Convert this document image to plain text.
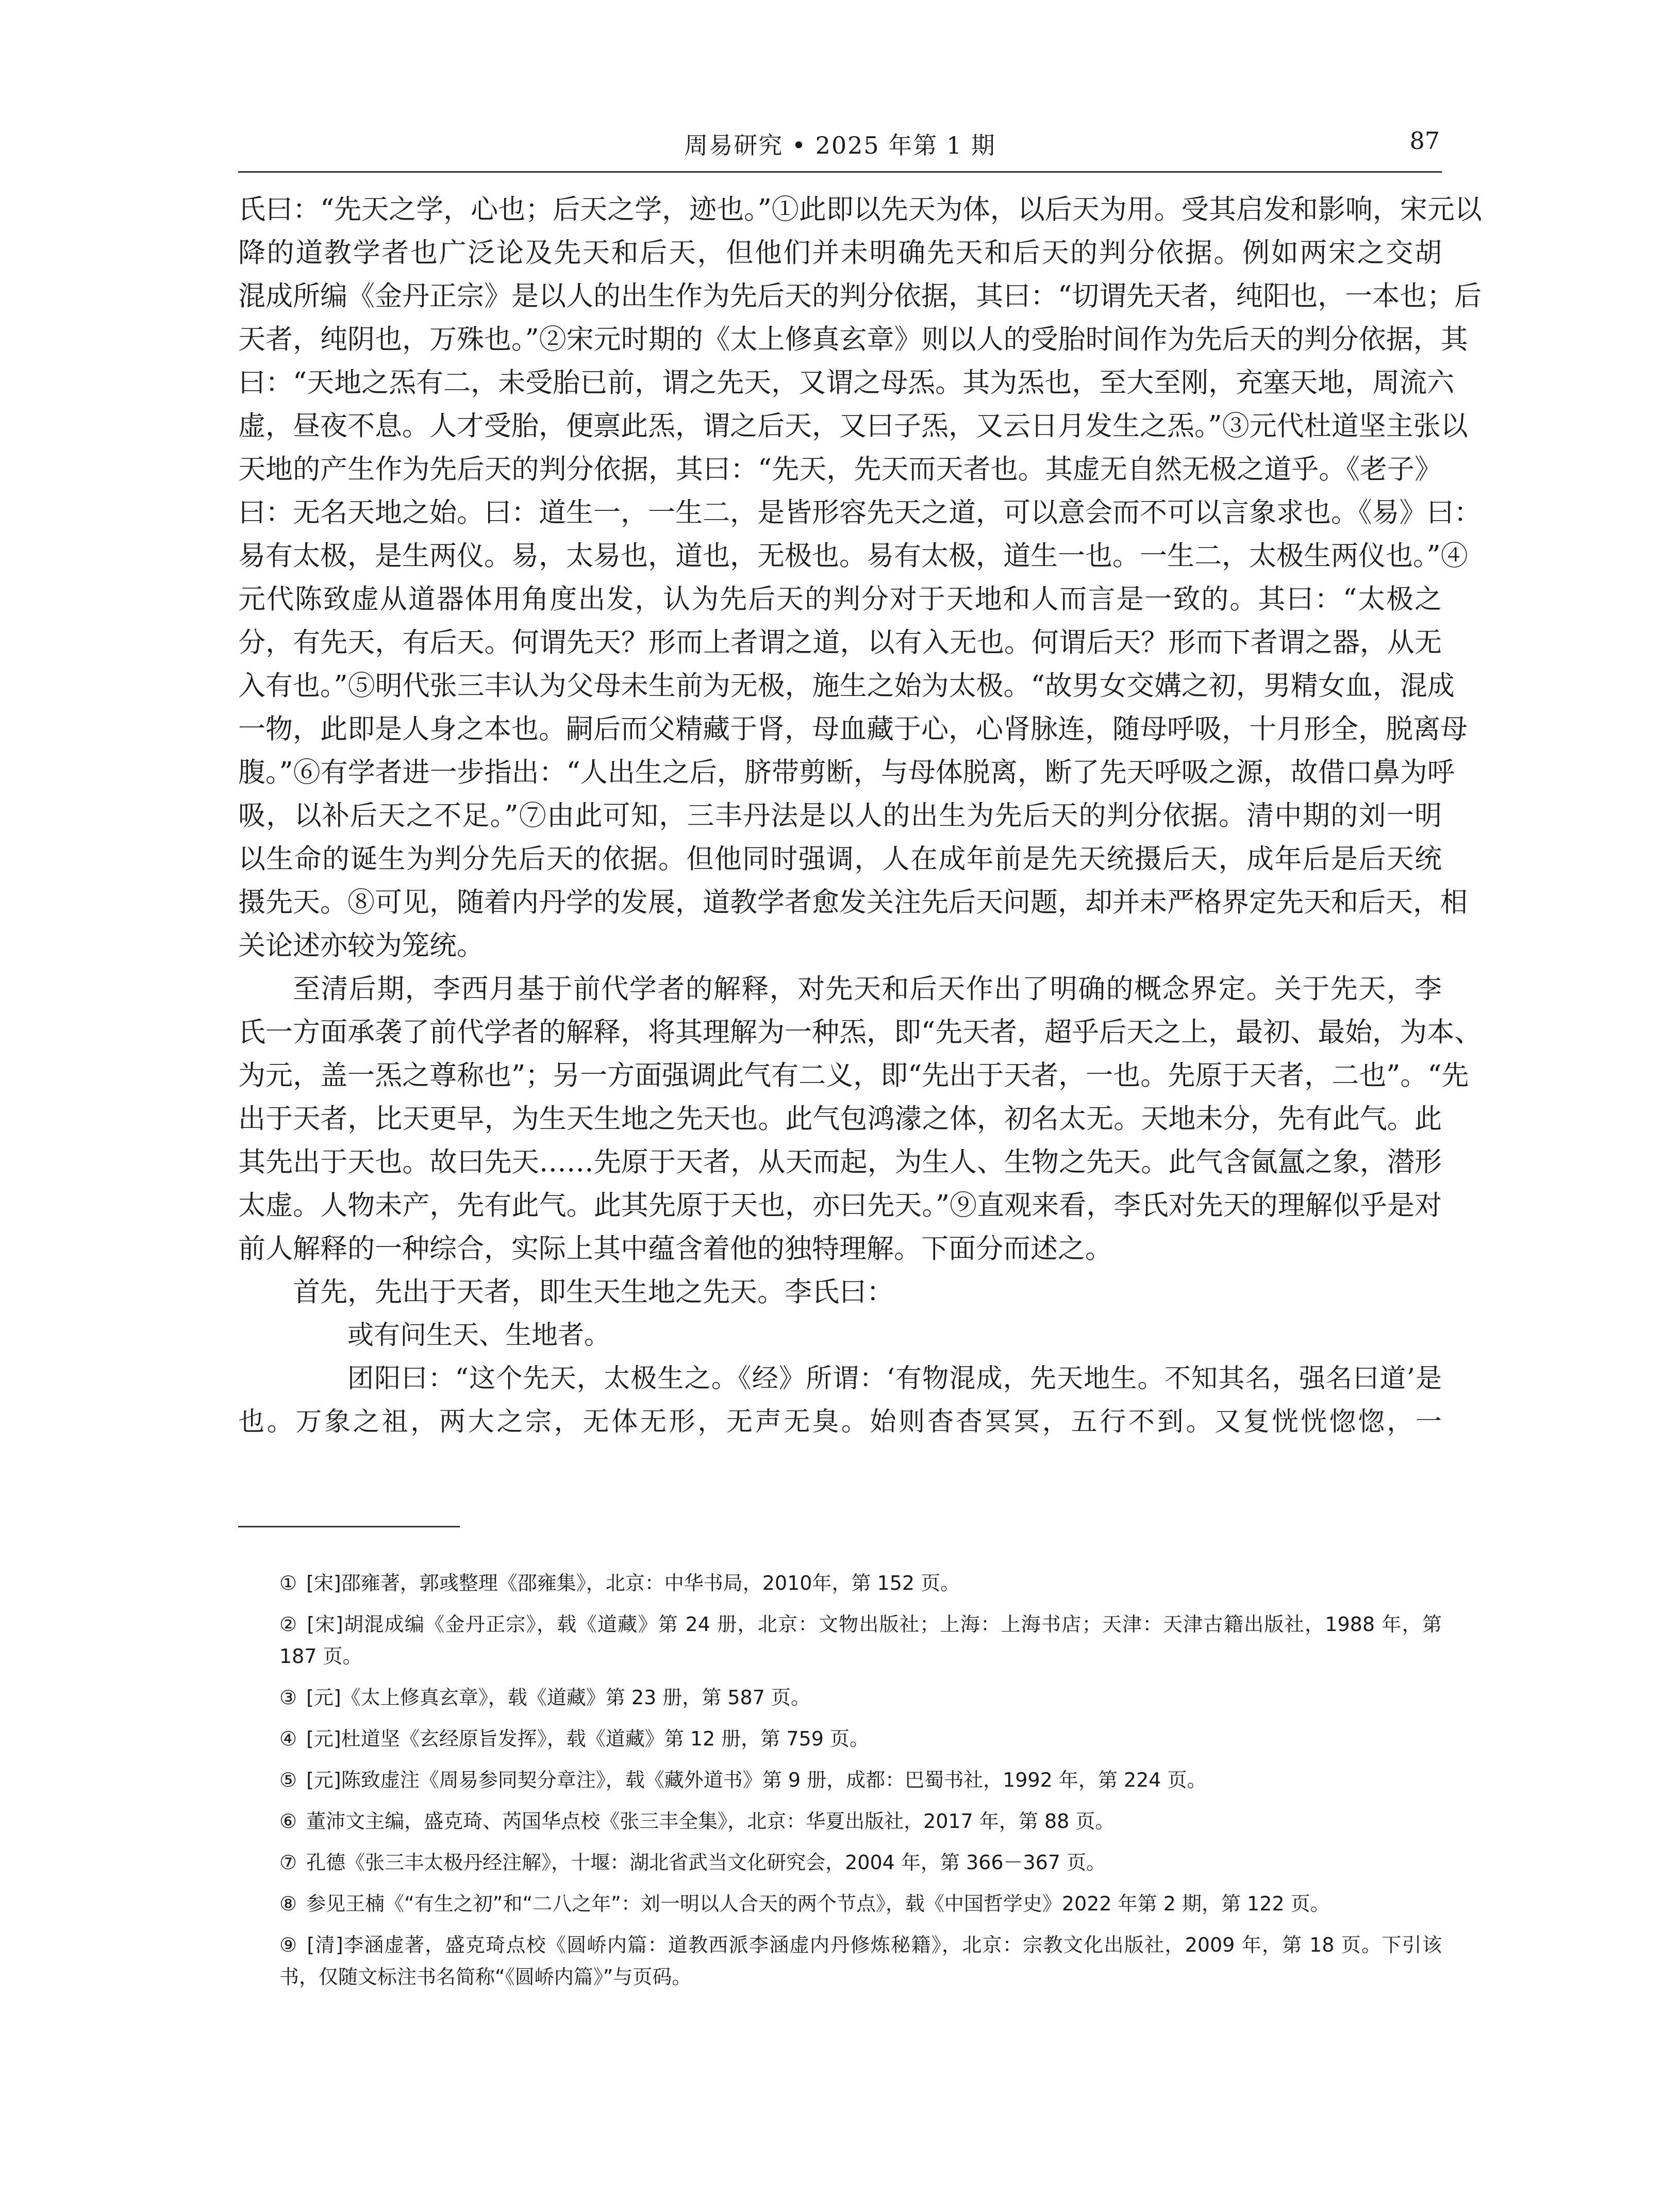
周易研究 • 2025 年第 1 期	87
氏曰：“先天之学，心也；后天之学，迹也。”①此即以先天为体，以后天为用。受其启发和影响，宋元以
降的道教学者也广泛论及先天和后天，但他们并未明确先天和后天的判分依据。例如两宋之交胡
混成所编《金丹正宗》是以人的出生作为先后天的判分依据，其曰：“切谓先天者，纯阳也，一本也；后
天者，纯阴也，万殊也。”②宋元时期的《太上修真玄章》则以人的受胎时间作为先后天的判分依据，其
曰：“天地之炁有二，未受胎已前，谓之先天，又谓之母炁。其为炁也，至大至刚，充塞天地，周流六
虚，昼夜不息。人才受胎，便禀此炁，谓之后天，又曰子炁，又云日月发生之炁。”③元代杜道坚主张以
天地的产生作为先后天的判分依据，其曰：“先天，先天而天者也。其虚无自然无极之道乎。《老子》
曰：无名天地之始。曰：道生一，一生二，是皆形容先天之道，可以意会而不可以言象求也。《易》曰：
易有太极，是生两仪。易，太易也，道也，无极也。易有太极，道生一也。一生二，太极生两仪也。”④
元代陈致虚从道器体用角度出发，认为先后天的判分对于天地和人而言是一致的。其曰：“太极之
分，有先天，有后天。何谓先天？形而上者谓之道，以有入无也。何谓后天？形而下者谓之器，从无
入有也。”⑤明代张三丰认为父母未生前为无极，施生之始为太极。“故男女交媾之初，男精女血，混成
一物，此即是人身之本也。嗣后而父精藏于肾，母血藏于心，心肾脉连，随母呼吸，十月形全，脱离母
腹。”⑥有学者进一步指出：“人出生之后，脐带剪断，与母体脱离，断了先天呼吸之源，故借口鼻为呼
吸，以补后天之不足。”⑦由此可知，三丰丹法是以人的出生为先后天的判分依据。清中期的刘一明
以生命的诞生为判分先后天的依据。但他同时强调，人在成年前是先天统摄后天，成年后是后天统
摄先天。⑧可见，随着内丹学的发展，道教学者愈发关注先后天问题，却并未严格界定先天和后天，相
关论述亦较为笼统。
至清后期，李西月基于前代学者的解释，对先天和后天作出了明确的概念界定。关于先天，李
氏一方面承袭了前代学者的解释，将其理解为一种炁，即“先天者，超乎后天之上，最初、最始，为本、
为元，盖一炁之尊称也”；另一方面强调此气有二义，即“先出于天者，一也。先原于天者，二也”。“先
出于天者，比天更早，为生天生地之先天也。此气包鸿濛之体，初名太无。天地未分，先有此气。此
其先出于天也。故曰先天……先原于天者，从天而起，为生人、生物之先天。此气含氤氲之象，潜形
太虚。人物未产，先有此气。此其先原于天也，亦曰先天。”⑨直观来看，李氏对先天的理解似乎是对
前人解释的一种综合，实际上其中蕴含着他的独特理解。下面分而述之。
首先，先出于天者，即生天生地之先天。李氏曰：
或有问生天、生地者。
团阳曰：“这个先天，太极生之。《经》所谓：‘有物混成，先天地生。不知其名，强名曰道’是
也。万象之祖，两大之宗，无体无形，无声无臭。始则杳杳冥冥，五行不到。又复恍恍惚惚，一
① [宋]邵雍著，郭彧整理《邵雍集》，北京：中华书局，2010年，第 152 页。
② [宋]胡混成编《金丹正宗》，载《道藏》第 24 册，北京：文物出版社；上海：上海书店；天津：天津古籍出版社，1988 年，第 187 页。
③ [元]《太上修真玄章》，载《道藏》第 23 册，第 587 页。
④ [元]杜道坚《玄经原旨发挥》，载《道藏》第 12 册，第 759 页。
⑤ [元]陈致虚注《周易参同契分章注》，载《藏外道书》第 9 册，成都：巴蜀书社，1992 年，第 224 页。
⑥ 董沛文主编，盛克琦、芮国华点校《张三丰全集》，北京：华夏出版社，2017 年，第 88 页。
⑦ 孔德《张三丰太极丹经注解》，十堰：湖北省武当文化研究会，2004 年，第 366－367 页。
⑧ 参见王楠《“有生之初”和“二八之年”：刘一明以人合天的两个节点》，载《中国哲学史》2022 年第 2 期，第 122 页。
⑨ [清]李涵虚著，盛克琦点校《圆峤内篇：道教西派李涵虚内丹修炼秘籍》，北京：宗教文化出版社，2009 年，第 18 页。下引该书，仅随文标注书名简称“《圆峤内篇》”与页码。
